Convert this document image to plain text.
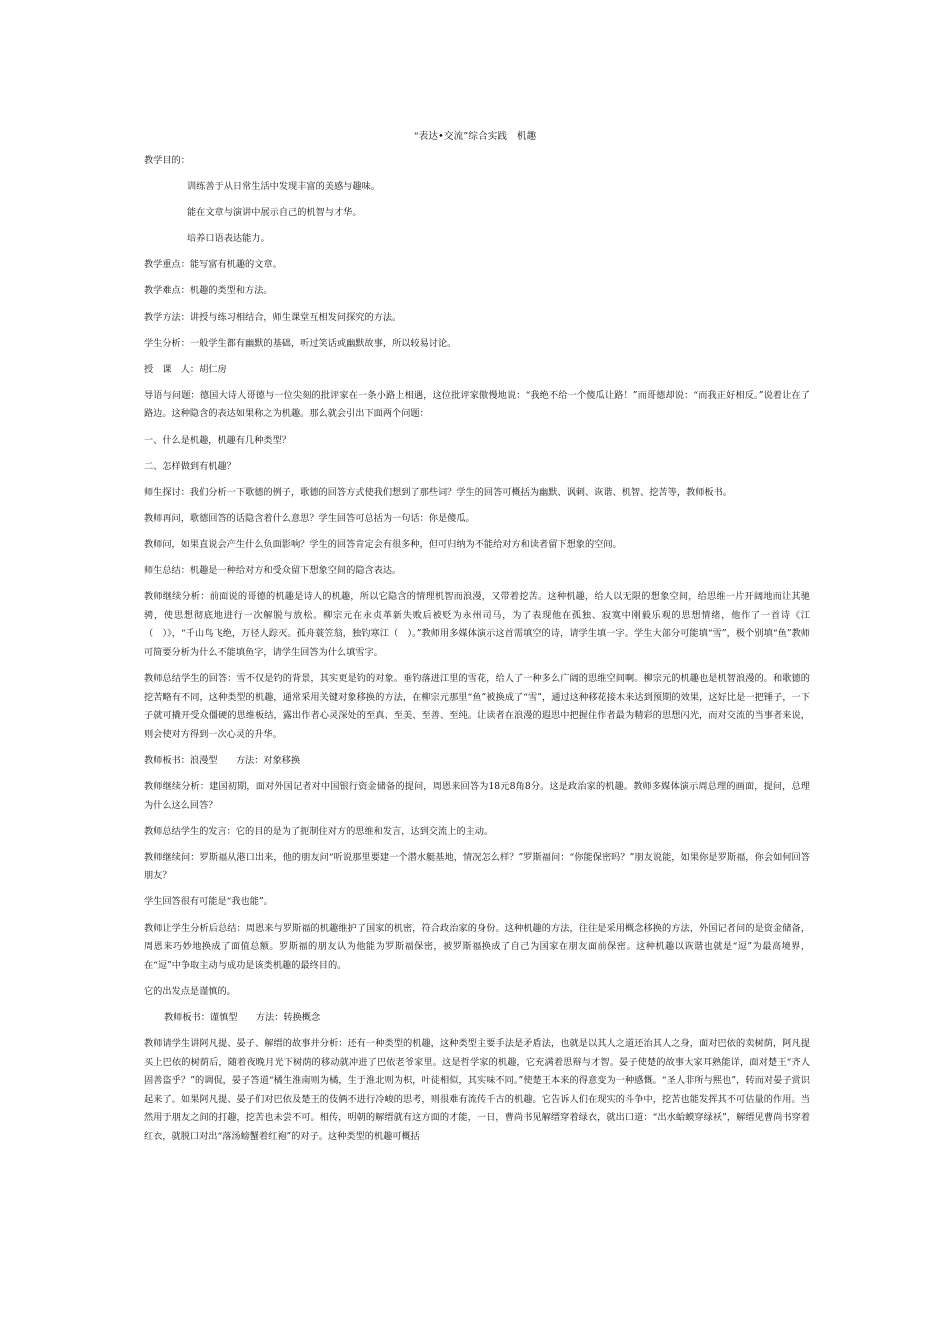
“表达•交流”综合实践　机趣

教学目的：

训练善于从日常生活中发现丰富的美感与趣味。

能在文章与演讲中展示自己的机智与才华。

培养口语表达能力。

教学重点：能写富有机趣的文章。

教学难点：机趣的类型和方法。

教学方法：讲授与练习相结合，师生课堂互相发问探究的方法。

学生分析：一般学生都有幽默的基础，听过笑话或幽默故事，所以较易讨论。

授　课　人：胡仁房

导语与问题：德国大诗人哥德与一位尖刻的批评家在一条小路上相遇，这位批评家傲慢地说：“我绝不给一个傻瓜让路！”而哥德却说：“而我正好相反。”说着让在了路边。这种隐含的表达如果称之为机趣。那么就会引出下面两个问题：

一、什么是机趣，机趣有几种类型？

二、怎样做到有机趣？

师生探讨：我们分析一下歌德的例子，歌德的回答方式使我们想到了那些词？学生的回答可概括为幽默、讽刺、诙谐、机智、挖苦等，教师板书。

教师再问，歌德回答的话隐含着什么意思？学生回答可总括为一句话：你是傻瓜。

教师问，如果直说会产生什么负面影响？学生的回答肯定会有很多种，但可归纳为不能给对方和读者留下想象的空间。

师生总结：机趣是一种给对方和受众留下想象空间的隐含表达。

教师继续分析：前面说的哥德的机趣是诗人的机趣，所以它隐含的情理机智而浪漫，又带着挖苦。这种机趣，给人以无限的想象空间，给思维一片开阔地而让其驰骋，使思想彻底地进行一次解脱与放松。柳宗元在永贞革新失败后被贬为永州司马，为了表现他在孤独、寂寞中刚毅乐观的思想情绪，他作了一首诗《江（　）》，“千山鸟飞绝，万径人踪灭。孤舟蓑笠翁，独钓寒江（　）。”教师用多媒体演示这首需填空的诗，请学生填一字。学生大部分可能填“雪”，极个别填“鱼”教师可简要分析为什么不能填鱼字，请学生回答为什么填雪字。

教师总结学生的回答：雪不仅是钓的背景，其实更是钓的对象。垂钓落进江里的雪花，给人了一种多么广阔的思维空间啊。柳宗元的机趣也是机智浪漫的。和歌德的挖苦略有不同，这种类型的机趣，通常采用关键对象移换的方法，在柳宗元那里“鱼”被换成了“雪”，通过这种移花接木来达到预期的效果，这好比是一把锤子，一下子就可撬开受众僵硬的思维板结，露出作者心灵深处的至真、至美、至善、至纯。让读者在浪漫的遐思中把握住作者最为精彩的思想闪光，而对交流的当事者来说，则会使对方得到一次心灵的升华。

教师板书：浪漫型　　方法：对象移换

教师继续分析：建国初期，面对外国记者对中国银行资金储备的提问，周恩来回答为18元8角8分。这是政治家的机趣。教师多媒体演示周总理的画面，提问，总理为什么这么回答？

教师总结学生的发言：它的目的是为了扼制住对方的思维和发言，达到交流上的主动。

教师继续问：罗斯福从港口出来，他的朋友问“听说那里要建一个潜水艇基地，情况怎么样？”罗斯福问：“你能保密吗？”朋友说能，如果你是罗斯福，你会如何回答朋友？

学生回答很有可能是“我也能”。

教师让学生分析后总结：周恩来与罗斯福的机趣维护了国家的机密，符合政治家的身份。这种机趣的方法，往往是采用概念移换的方法，外国记者问的是资金储备，周恩来巧妙地换成了面值总额。罗斯福的朋友认为他能为罗斯福保密，被罗斯福换成了自己为国家在朋友面前保密。这种机趣以诙谐也就是“逗”为最高境界，在“逗”中争取主动与成功是该类机趣的最终目的。

它的出发点是谨慎的。

教师板书：谨慎型　　方法：转换概念

教师请学生讲阿凡提、晏子、解缙的故事并分析：还有一种类型的机趣，这种类型主要手法是矛盾法，也就是以其人之道还治其人之身，面对巴依的卖树荫，阿凡提买上巴依的树荫后，随着夜晚月光下树荫的移动就冲进了巴依老爷家里。这是哲学家的机趣，它充满着思辩与才智。晏子使楚的故事大家耳熟能详，面对楚王“齐人固善盗乎？”的调侃，晏子答道“橘生淮南则为橘，生于淮北则为枳，叶徒相似，其实味不同。”使楚王本来的得意变为一种感慨。“圣人非所与熙也”，转而对晏子赏识起来了。如果阿凡提、晏子们对巴依及楚王的伎俩不进行冷峻的思考，则很难有流传千古的机趣。它告诉人们在现实的斗争中，挖苦也能发挥其不可估量的作用。当然用于朋友之间的打趣，挖苦也未尝不可。相传，明朝的解缙就有这方面的才能，一日，曹尚书见解缙穿着绿衣，就出口道：“出水蛤蟆穿绿袄”，解缙见曹尚书穿着红衣，就脱口对出“落汤螃蟹着红袍”的对子。这种类型的机趣可概括
